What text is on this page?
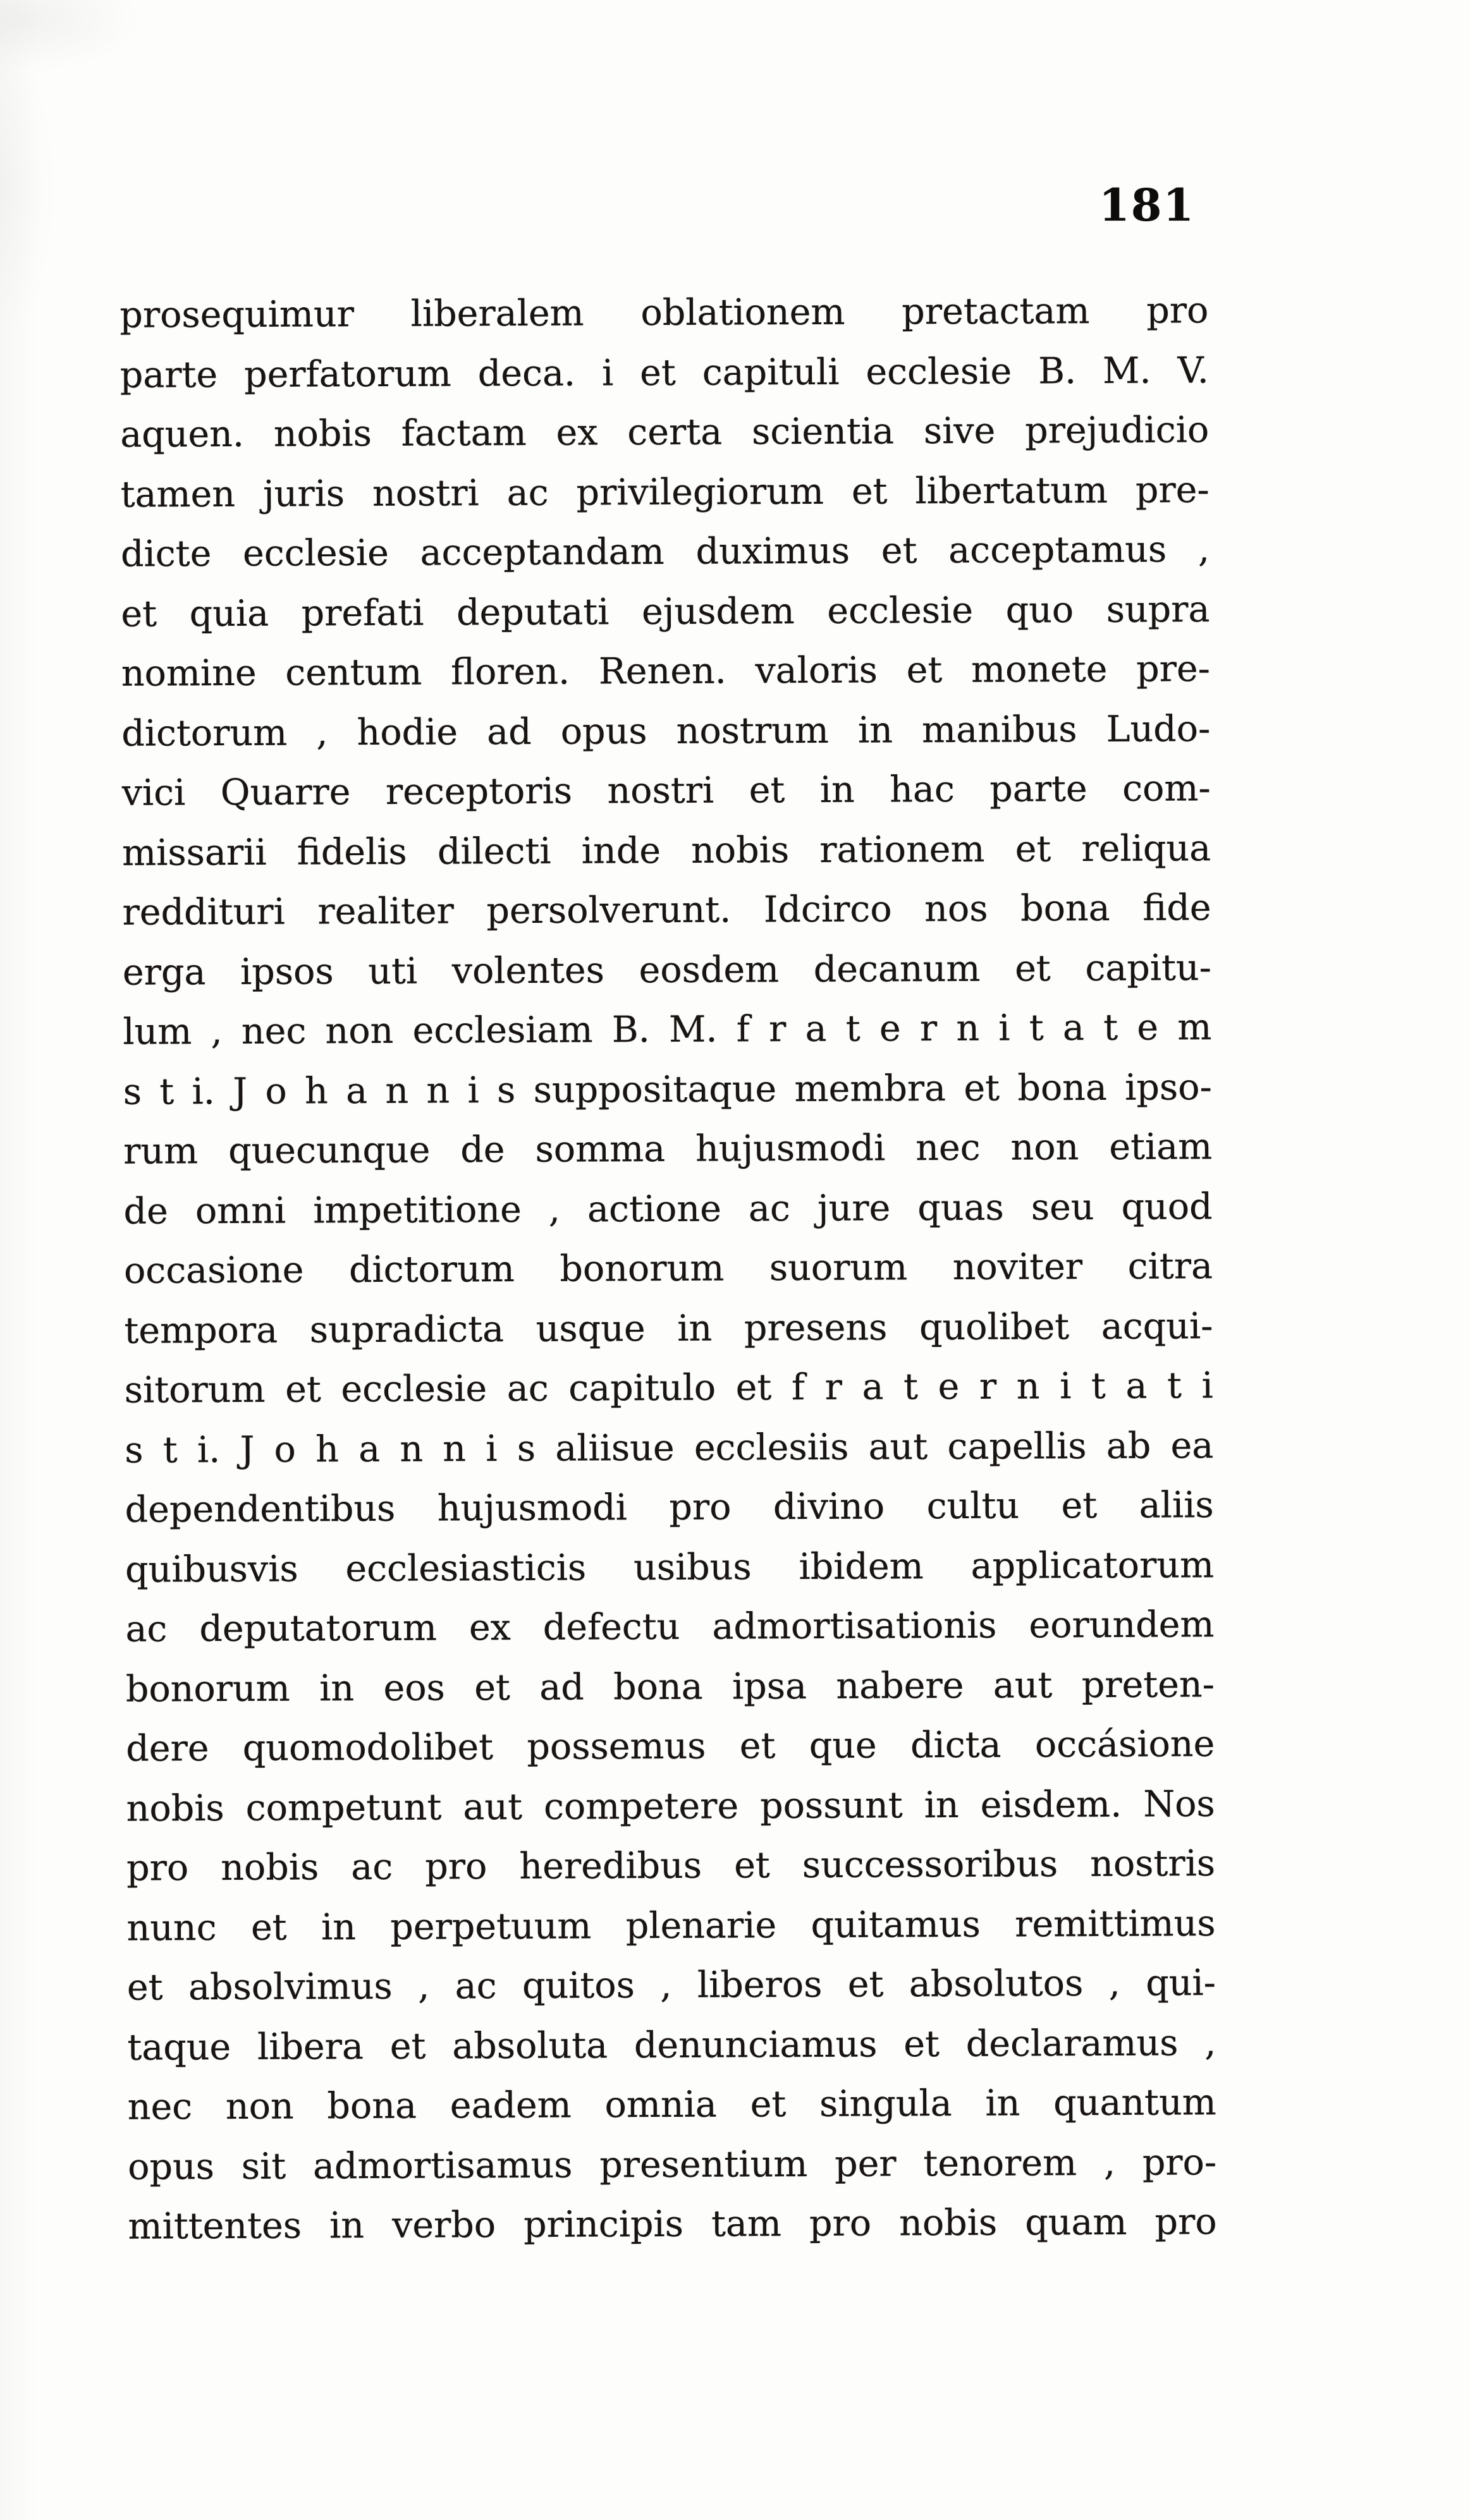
181
prosequimur liberalem oblationem pretactam pro
parte perfatorum deca. i et capituli ecclesie B. M. V.
aquen. nobis factam ex certa scientia sive prejudicio
tamen juris nostri ac privilegiorum et libertatum pre-
dicte ecclesie acceptandam duximus et acceptamus ,
et quia prefati deputati ejusdem ecclesie quo supra
nomine centum floren. Renen. valoris et monete pre-
dictorum , hodie ad opus nostrum in manibus Ludo-
vici Quarre receptoris nostri et in hac parte com-
missarii fidelis dilecti inde nobis rationem et reliqua
reddituri realiter persolverunt. Idcirco nos bona fide
erga ipsos uti volentes eosdem decanum et capitu-
lum , nec non ecclesiam B. M. f r a t e r n i t a t e m
s t i. J o h a n n i s suppositaque membra et bona ipso-
rum quecunque de somma hujusmodi nec non etiam
de omni impetitione , actione ac jure quas seu quod
occasione dictorum bonorum suorum noviter citra
tempora supradicta usque in presens quolibet acqui-
sitorum et ecclesie ac capitulo et f r a t e r n i t a t i
s t i. J o h a n n i s aliisue ecclesiis aut capellis ab ea
dependentibus hujusmodi pro divino cultu et aliis
quibusvis ecclesiasticis usibus ibidem applicatorum
ac deputatorum ex defectu admortisationis eorundem
bonorum in eos et ad bona ipsa nabere aut preten-
dere quomodolibet possemus et que dicta occásione
nobis competunt aut competere possunt in eisdem. Nos
pro nobis ac pro heredibus et successoribus nostris
nunc et in perpetuum plenarie quitamus remittimus
et absolvimus , ac quitos , liberos et absolutos , qui-
taque libera et absoluta denunciamus et declaramus ,
nec non bona eadem omnia et singula in quantum
opus sit admortisamus presentium per tenorem , pro-
mittentes in verbo principis tam pro nobis quam pro
